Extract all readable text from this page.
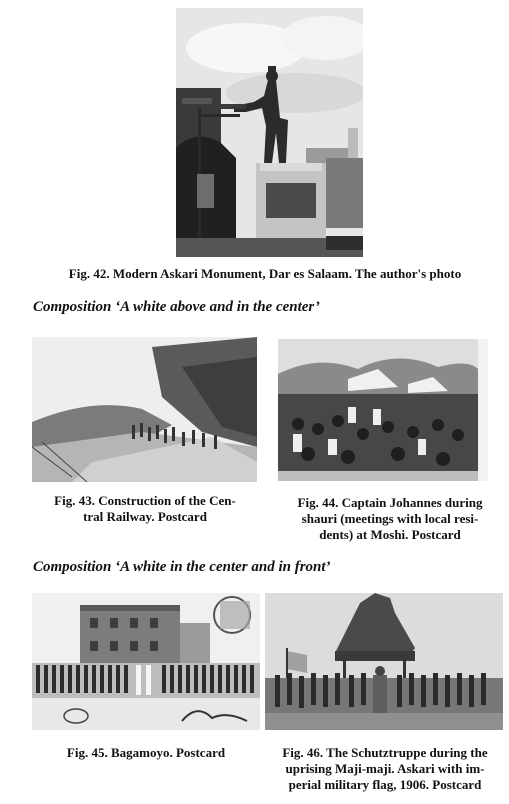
Fig. 42. Modern Askari Monument, Dar es Salaam. The author's photo
Composition ‘A white above and in the center’
Fig. 43. Construction of the Cen-
tral Railway. Postcard
Fig. 44. Captain Johannes during
shauri (meetings with local resi-
dents) at Moshi. Postcard
Composition ‘A white in the center and in front’
Fig. 45. Bagamoyo. Postcard	Fig. 46. The Schutztruppe during the
uprising Maji-maji. Askari with im-
perial military flag, 1906. Postcard
